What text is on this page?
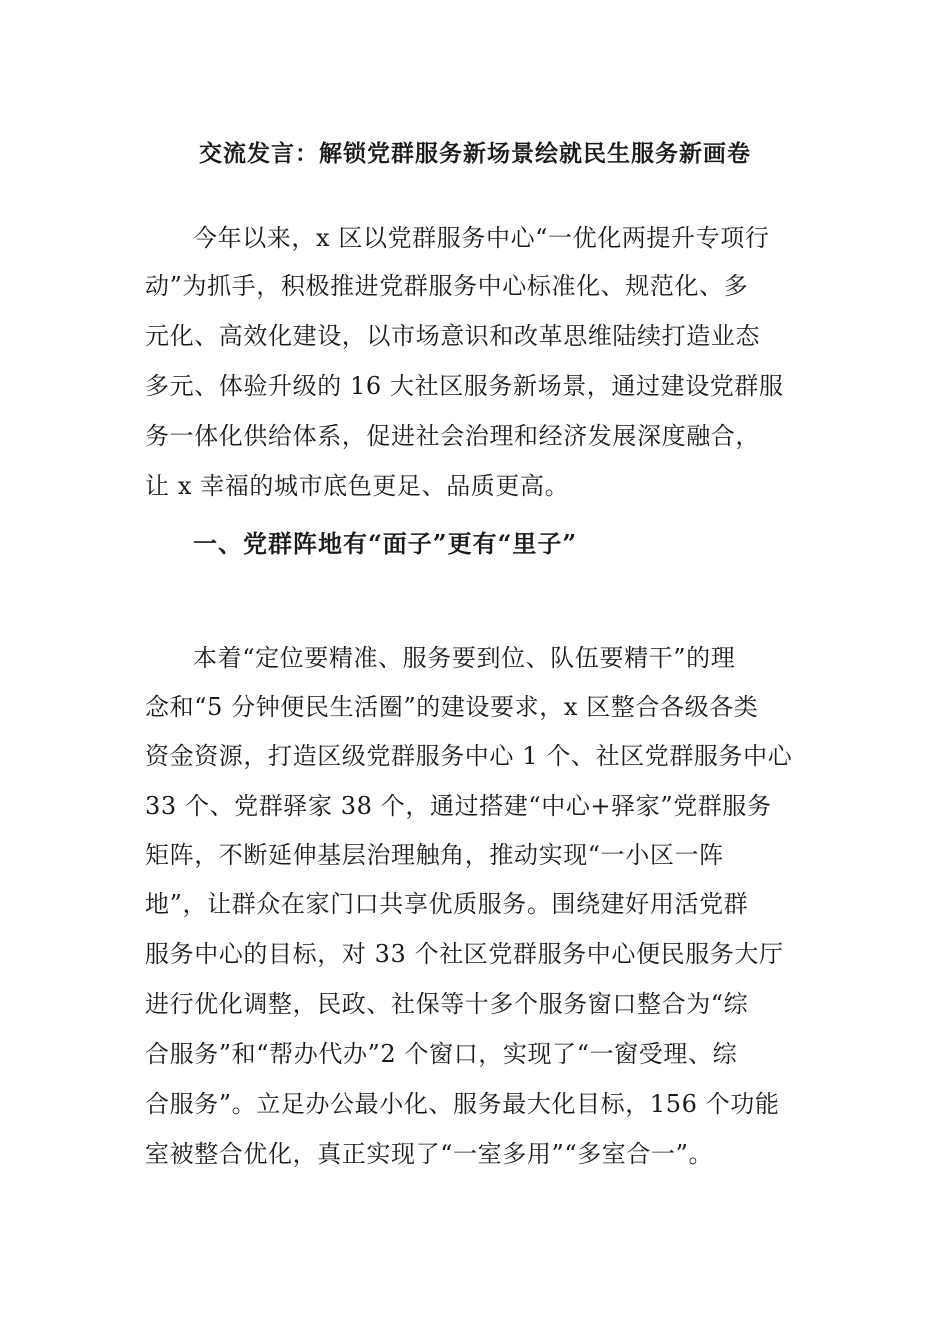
交流发言：解锁党群服务新场景绘就民生服务新画卷
今年以来，x 区以党群服务中心“一优化两提升专项行
动”为抓手，积极推进党群服务中心标准化、规范化、多
元化、高效化建设，以市场意识和改革思维陆续打造业态
多元、体验升级的 16 大社区服务新场景，通过建设党群服
务一体化供给体系，促进社会治理和经济发展深度融合，
让 x 幸福的城市底色更足、品质更高。
一、党群阵地有“面子”更有“里子”
本着“定位要精准、服务要到位、队伍要精干”的理
念和“5 分钟便民生活圈”的建设要求，x 区整合各级各类
资金资源，打造区级党群服务中心 1 个、社区党群服务中心
33 个、党群驿家 38 个，通过搭建“中心+驿家”党群服务
矩阵，不断延伸基层治理触角，推动实现“一小区一阵
地”，让群众在家门口共享优质服务。围绕建好用活党群
服务中心的目标，对 33 个社区党群服务中心便民服务大厅
进行优化调整，民政、社保等十多个服务窗口整合为“综
合服务”和“帮办代办”2 个窗口，实现了“一窗受理、综
合服务”。立足办公最小化、服务最大化目标，156 个功能
室被整合优化，真正实现了“一室多用”“多室合一”。
